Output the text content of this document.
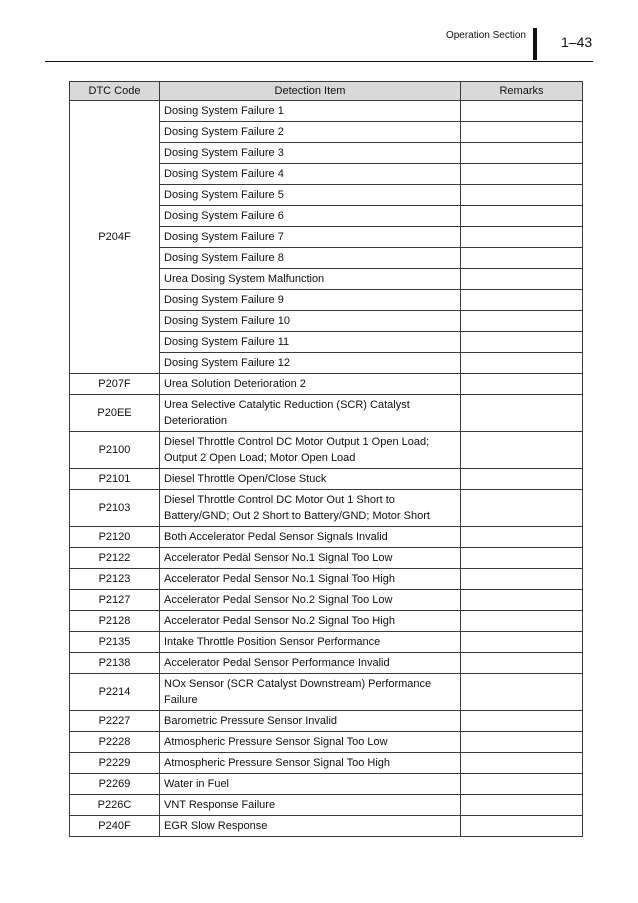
Operation Section	1–43
DTC Code	Detection Item	Remarks
P204F	Dosing System Failure 1	
	Dosing System Failure 2	
	Dosing System Failure 3	
	Dosing System Failure 4	
	Dosing System Failure 5	
	Dosing System Failure 6	
	Dosing System Failure 7	
	Dosing System Failure 8	
	Urea Dosing System Malfunction	
	Dosing System Failure 9	
	Dosing System Failure 10	
	Dosing System Failure 11	
	Dosing System Failure 12	
P207F	Urea Solution Deterioration 2	
P20EE	Urea Selective Catalytic Reduction (SCR) Catalyst Deterioration	
P2100	Diesel Throttle Control DC Motor Output 1 Open Load; Output 2 Open Load; Motor Open Load	
P2101	Diesel Throttle Open/Close Stuck	
P2103	Diesel Throttle Control DC Motor Out 1 Short to Battery/GND; Out 2 Short to Battery/GND; Motor Short	
P2120	Both Accelerator Pedal Sensor Signals Invalid	
P2122	Accelerator Pedal Sensor No.1 Signal Too Low	
P2123	Accelerator Pedal Sensor No.1 Signal Too High	
P2127	Accelerator Pedal Sensor No.2 Signal Too Low	
P2128	Accelerator Pedal Sensor No.2 Signal Too High	
P2135	Intake Throttle Position Sensor Performance	
P2138	Accelerator Pedal Sensor Performance Invalid	
P2214	NOx Sensor (SCR Catalyst Downstream) Performance Failure	
P2227	Barometric Pressure Sensor Invalid	
P2228	Atmospheric Pressure Sensor Signal Too Low	
P2229	Atmospheric Pressure Sensor Signal Too High	
P2269	Water in Fuel	
P226C	VNT Response Failure	
P240F	EGR Slow Response	
